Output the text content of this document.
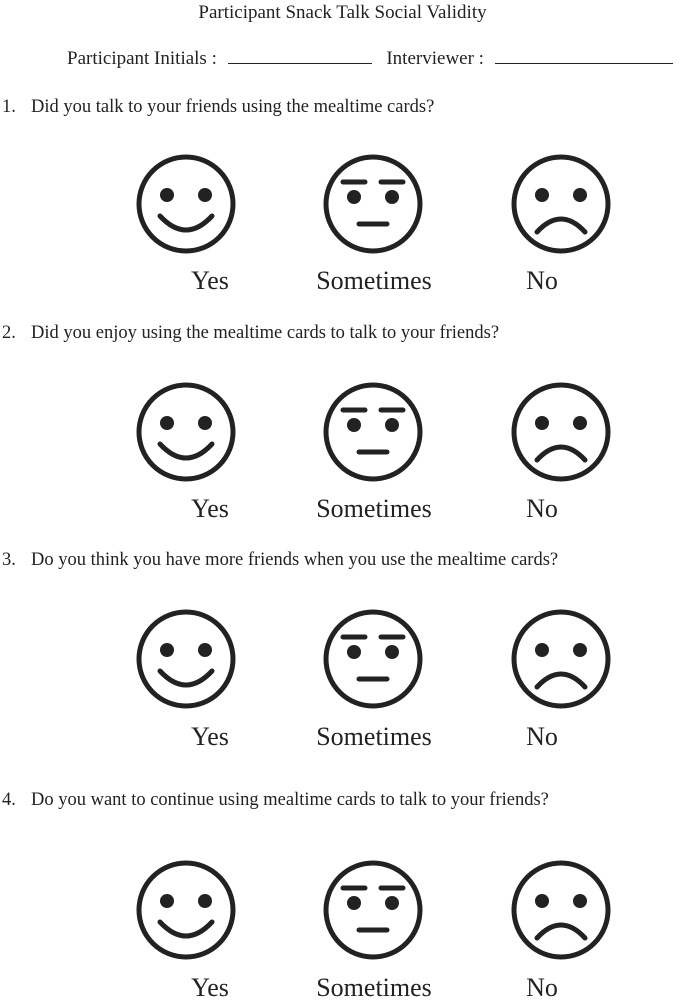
Participant Snack Talk Social Validity
Participant Initials :	Interviewer :
1. Did you talk to your friends using the mealtime cards?
Yes	Sometimes	No
2. Did you enjoy using the mealtime cards to talk to your friends?
Yes	Sometimes	No
3. Do you think you have more friends when you use the mealtime cards?
Yes	Sometimes	No
4. Do you want to continue using mealtime cards to talk to your friends?
Yes	Sometimes	No
